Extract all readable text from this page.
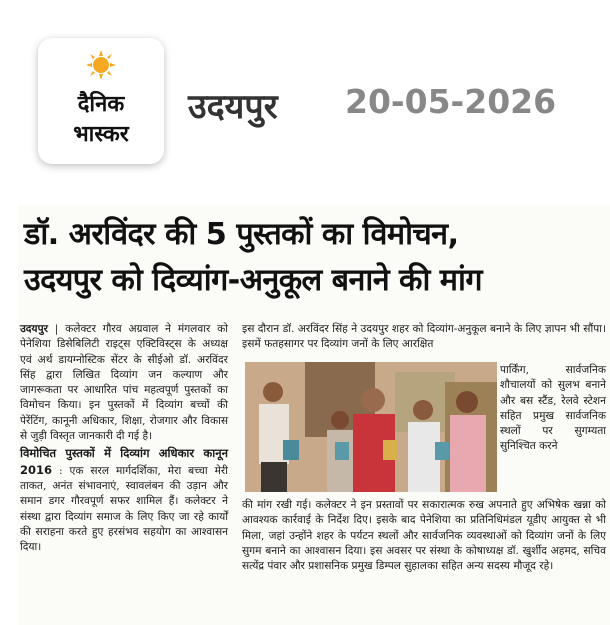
दैनिक
भास्कर
उदयपुर 20-05-2026
डॉ. अरविंदर की 5 पुस्तकों का विमोचन,
उदयपुर को दिव्यांग-अनुकूल बनाने की मांग
उदयपुर | कलेक्टर गौरव अग्रवाल ने मंगलवार को पेनेशिया डिसेबिलिटी राइट्स एक्टिविस्ट्स के अध्यक्ष एवं अर्थ डायग्नोस्टिक सेंटर के सीईओ डॉ. अरविंदर सिंह द्वारा लिखित दिव्यांग जन कल्याण और जागरूकता पर आधारित पांच महत्वपूर्ण पुस्तकों का विमोचन किया। इन पुस्तकों में दिव्यांग बच्चों की पेरेंटिंग, कानूनी अधिकार, शिक्षा, रोजगार और विकास से जुड़ी विस्तृत जानकारी दी गई है।
विमोचित पुस्तकों में दिव्यांग अधिकार कानून 2016 : एक सरल मार्गदर्शिका, मेरा बच्चा मेरी ताकत, अनंत संभावनाएं, स्वावलंबन की उड़ान और समान डगर गौरवपूर्ण सफर शामिल हैं। कलेक्टर ने संस्था द्वारा दिव्यांग समाज के लिए किए जा रहे कार्यों की सराहना करते हुए हरसंभव सहयोग का आश्वासन दिया।
इस दौरान डॉ. अरविंदर सिंह ने उदयपुर शहर को दिव्यांग-अनुकूल बनाने के लिए ज्ञापन भी सौंपा। इसमें फतहसागर पर दिव्यांग जनों के लिए आरक्षित
पार्किंग, सार्वजनिक शौचालयों को सुलभ बनाने और बस स्टैंड, रेलवे स्टेशन सहित प्रमुख सार्वजनिक स्थलों पर सुगम्यता सुनिश्चित करने
की मांग रखी गई। कलेक्टर ने इन प्रस्तावों पर सकारात्मक रुख अपनाते हुए अभिषेक खन्ना को आवश्यक कार्रवाई के निर्देश दिए। इसके बाद पेनेशिया का प्रतिनिधिमंडल यूडीए आयुक्त से भी मिला, जहां उन्होंने शहर के पर्यटन स्थलों और सार्वजनिक व्यवस्थाओं को दिव्यांग जनों के लिए सुगम बनाने का आश्वासन दिया। इस अवसर पर संस्था के कोषाध्यक्ष डॉ. खुर्शीद अहमद, सचिव सत्येंद्र पंवार और प्रशासनिक प्रमुख डिम्पल सुहालका सहित अन्य सदस्य मौजूद रहे।
